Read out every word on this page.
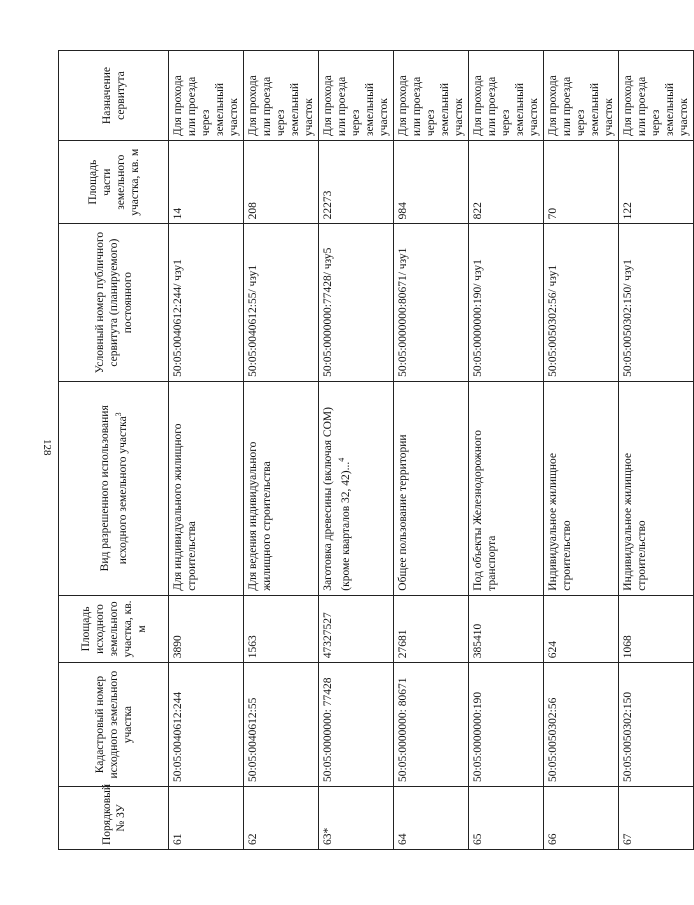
128
Порядковый № ЗУ	Кадастровый номер исходного земельного участка	Площадь исходного земельного участка, кв. м	Вид разрешенного использования исходного земельного участка$^3$	Условный номер публичного сервитута (планируемого) постоянного	Площадь части земельного участка, кв. м	Назначение сервитута
61	50:05:0040612:244	3890	Для индивидуального жилищного строительства	50:05:0040612:244/ чзу1	14	Для прохода или проезда через земельный участок
62	50:05:0040612:55	1563	Для ведения индивидуального жилищного строительства	50:05:0040612:55/ чзу1	208	Для прохода или проезда через земельный участок
63*	50:05:0000000: 77428	47327527	Заготовка древесины (включая СОМ) (кроме кварталов 32, 42)...$^4$	50:05:0000000:77428/ чзу5	22273	Для прохода или проезда через земельный участок
64	50:05:0000000: 80671	27681	Общее пользование территории	50:05:0000000:80671/ чзу1	984	Для прохода или проезда через земельный участок
65	50:05:0000000:190	385410	Под объекты Железнодорожного транспорта	50:05:0000000:190/ чзу1	822	Для прохода или проезда через земельный участок
66	50:05:0050302:56	624	Индивидуальное жилищное строительство	50:05:0050302:56/ чзу1	70	Для прохода или проезда через земельный участок
67	50:05:0050302:150	1068	Индивидуальное жилищное строительство	50:05:0050302:150/ чзу1	122	Для прохода или проезда через земельный участок
